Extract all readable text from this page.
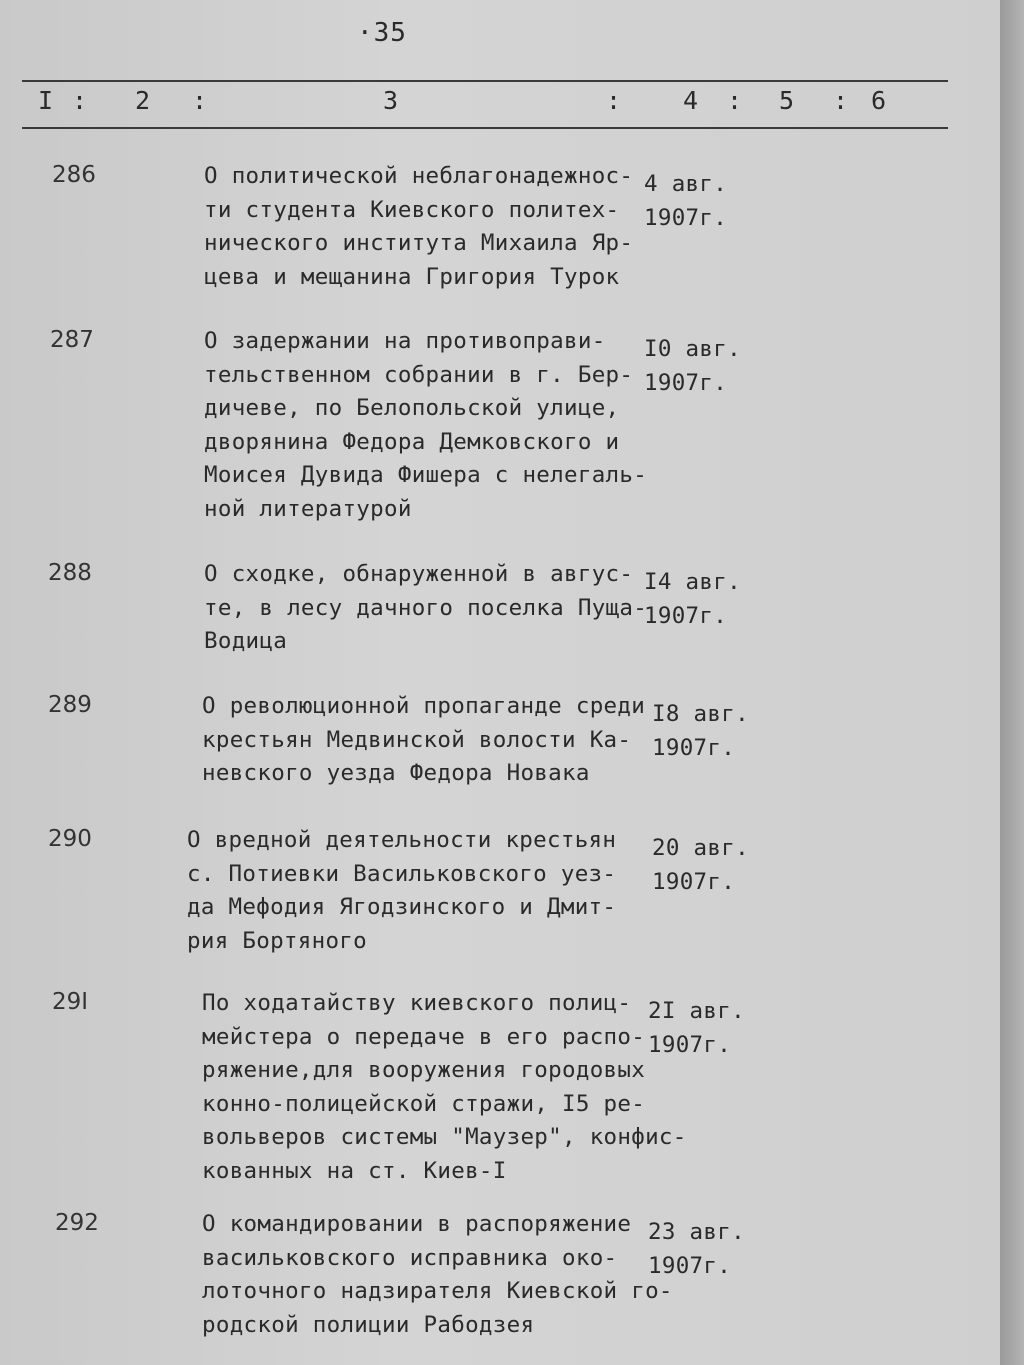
·35
I : 2 :	3	: 4 : 5 : 6
286	О политической неблагонадежнос-
ти студента Киевского политех-
нического института Михаила Яр-
цева и мещанина Григория Турок
4 авг.
1907г.
287	О задержании на противоправи-
тельственном собрании в г. Бер-
дичеве, по Белопольской улице,
дворянина Федора Демковского и
Моисея Дувида Фишера с нелегаль-
ной литературой
I0 авг.
1907г.
288	О сходке, обнаруженной в авгус-
те, в лесу дачного поселка Пуща-
Водица
I4 авг.
1907г.
289	О революционной пропаганде среди
крестьян Медвинской волости Ка-
невского уезда Федора Новака
I8 авг.
1907г.
290	О вредной деятельности крестьян
с. Потиевки Васильковского уез-
да Мефодия Ягодзинского и Дмит-
рия Бортяного
20 авг.
1907г.
29I	По ходатайству киевского полиц-
мейстера о передаче в его распо-
ряжение,для вооружения городовых
конно-полицейской стражи, I5 ре-
вольверов системы "Маузер", конфис-
кованных на ст. Киев-I
2I авг.
1907г.
292	О командировании в распоряжение
васильковского исправника око-
лоточного надзирателя Киевской го-
родской полиции Рабодзея
23 авг.
1907г.
